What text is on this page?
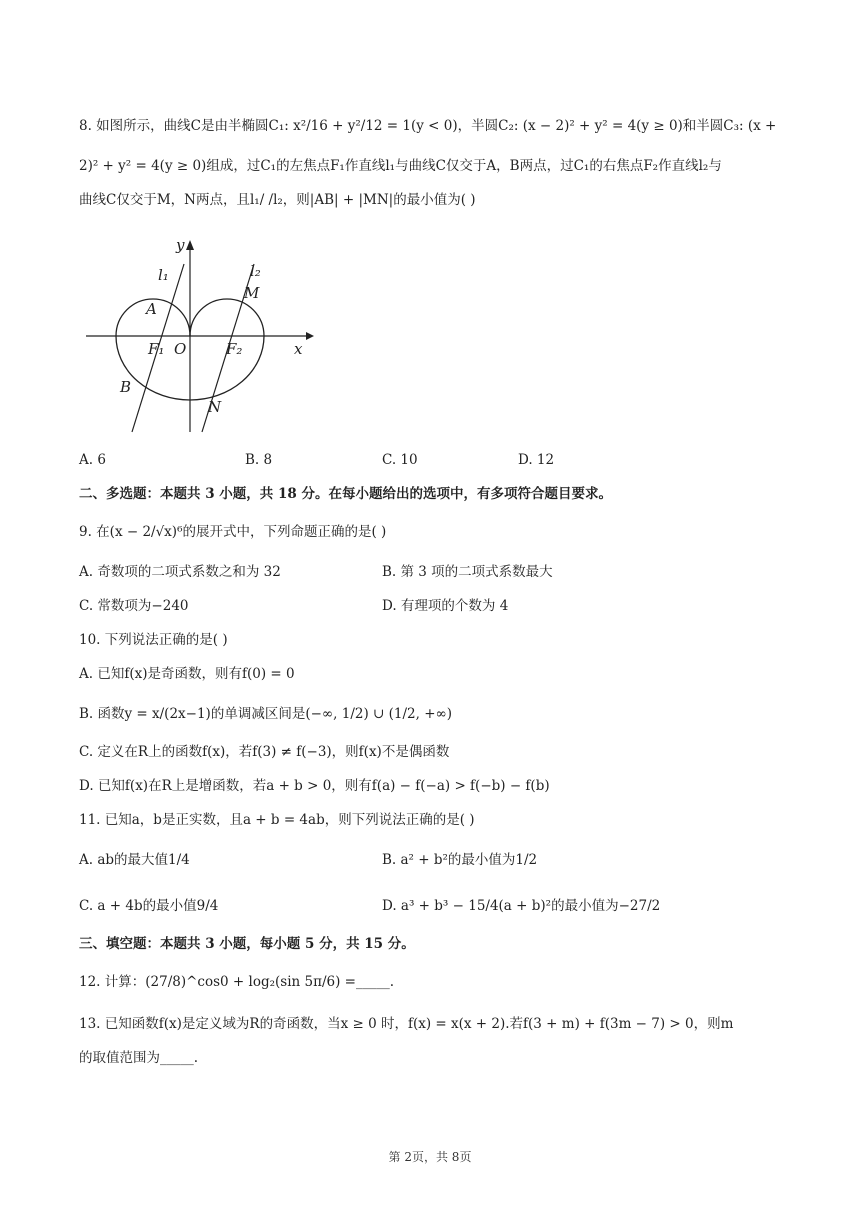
8. 如图所示，曲线C是由半椭圆C₁: x²/16 + y²/12 = 1(y < 0)，半圆C₂: (x − 2)² + y² = 4(y ≥ 0)和半圆C₃: (x +
2)² + y² = 4(y ≥ 0)组成，过C₁的左焦点F₁作直线l₁与曲线C仅交于A，B两点，过C₁的右焦点F₂作直线l₂与
曲线C仅交于M，N两点，且l₁/ /l₂，则|AB| + |MN|的最小值为( )
y
x
l₁	l₂
A
M
O
F₁	F₂
B
N
A. 6	B. 8	C. 10	D. 12
二、多选题：本题共 3 小题，共 18 分。在每小题给出的选项中，有多项符合题目要求。
9. 在(x − 2/√x)⁶的展开式中，下列命题正确的是( )
A. 奇数项的二项式系数之和为 32	B. 第 3 项的二项式系数最大
C. 常数项为−240	D. 有理项的个数为 4
10. 下列说法正确的是( )
A. 已知f(x)是奇函数，则有f(0) = 0
B. 函数y = x/(2x−1)的单调减区间是(−∞, 1/2) ∪ (1/2, +∞)
C. 定义在R上的函数f(x)，若f(3) ≠ f(−3)，则f(x)不是偶函数
D. 已知f(x)在R上是增函数，若a + b > 0，则有f(a) − f(−a) > f(−b) − f(b)
11. 已知a，b是正实数，且a + b = 4ab，则下列说法正确的是( )
A. ab的最大值1/4	B. a² + b²的最小值为1/2
C. a + 4b的最小值9/4	D. a³ + b³ − 15/4(a + b)²的最小值为−27/2
三、填空题：本题共 3 小题，每小题 5 分，共 15 分。
12. 计算：(27/8)^cos0 + log₂(sin 5π/6) =_____.
13. 已知函数f(x)是定义域为R的奇函数，当x ≥ 0 时，f(x) = x(x + 2).若f(3 + m) + f(3m − 7) > 0，则m
的取值范围为_____.
第 2页，共 8页
